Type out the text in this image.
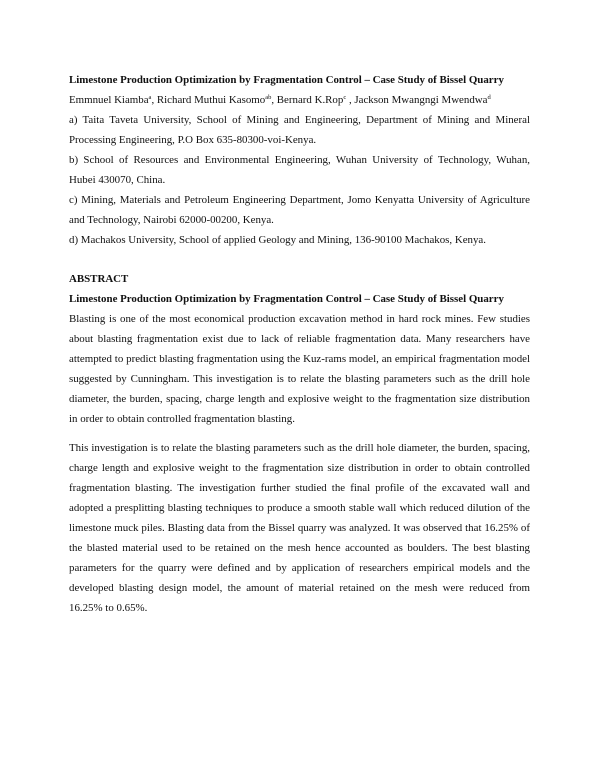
Limestone Production Optimization by Fragmentation Control – Case Study of Bissel Quarry

Emmnuel Kiamba$^a$, Richard Muthui Kasomo$^{ab}$, Bernard K.Rop$^c$ , Jackson Mwangngi Mwendwa$^d$

a) Taita Taveta University, School of Mining and Engineering, Department of Mining and Mineral Processing Engineering, P.O Box 635-80300-voi-Kenya.

b) School of Resources and Environmental Engineering, Wuhan University of Technology, Wuhan, Hubei 430070, China.

c) Mining, Materials and Petroleum Engineering Department, Jomo Kenyatta University of Agriculture and Technology, Nairobi 62000-00200, Kenya.

d) Machakos University, School of applied Geology and Mining, 136-90100 Machakos, Kenya.

ABSTRACT

Limestone Production Optimization by Fragmentation Control – Case Study of Bissel Quarry

Blasting is one of the most economical production excavation method in hard rock mines. Few studies about blasting fragmentation exist due to lack of reliable fragmentation data. Many researchers have attempted to predict blasting fragmentation using the Kuz-rams model, an empirical fragmentation model suggested by Cunningham. This investigation is to relate the blasting parameters such as the drill hole diameter, the burden, spacing, charge length and explosive weight to the fragmentation size distribution in order to obtain controlled fragmentation blasting.

This investigation is to relate the blasting parameters such as the drill hole diameter, the burden, spacing, charge length and explosive weight to the fragmentation size distribution in order to obtain controlled fragmentation blasting. The investigation further studied the final profile of the excavated wall and adopted a presplitting blasting techniques to produce a smooth stable wall which reduced dilution of the limestone muck piles. Blasting data from the Bissel quarry was analyzed. It was observed that 16.25% of the blasted material used to be retained on the mesh hence accounted as boulders. The best blasting parameters for the quarry were defined and by application of researchers empirical models and the developed blasting design model, the amount of material retained on the mesh were reduced from 16.25% to 0.65%.
